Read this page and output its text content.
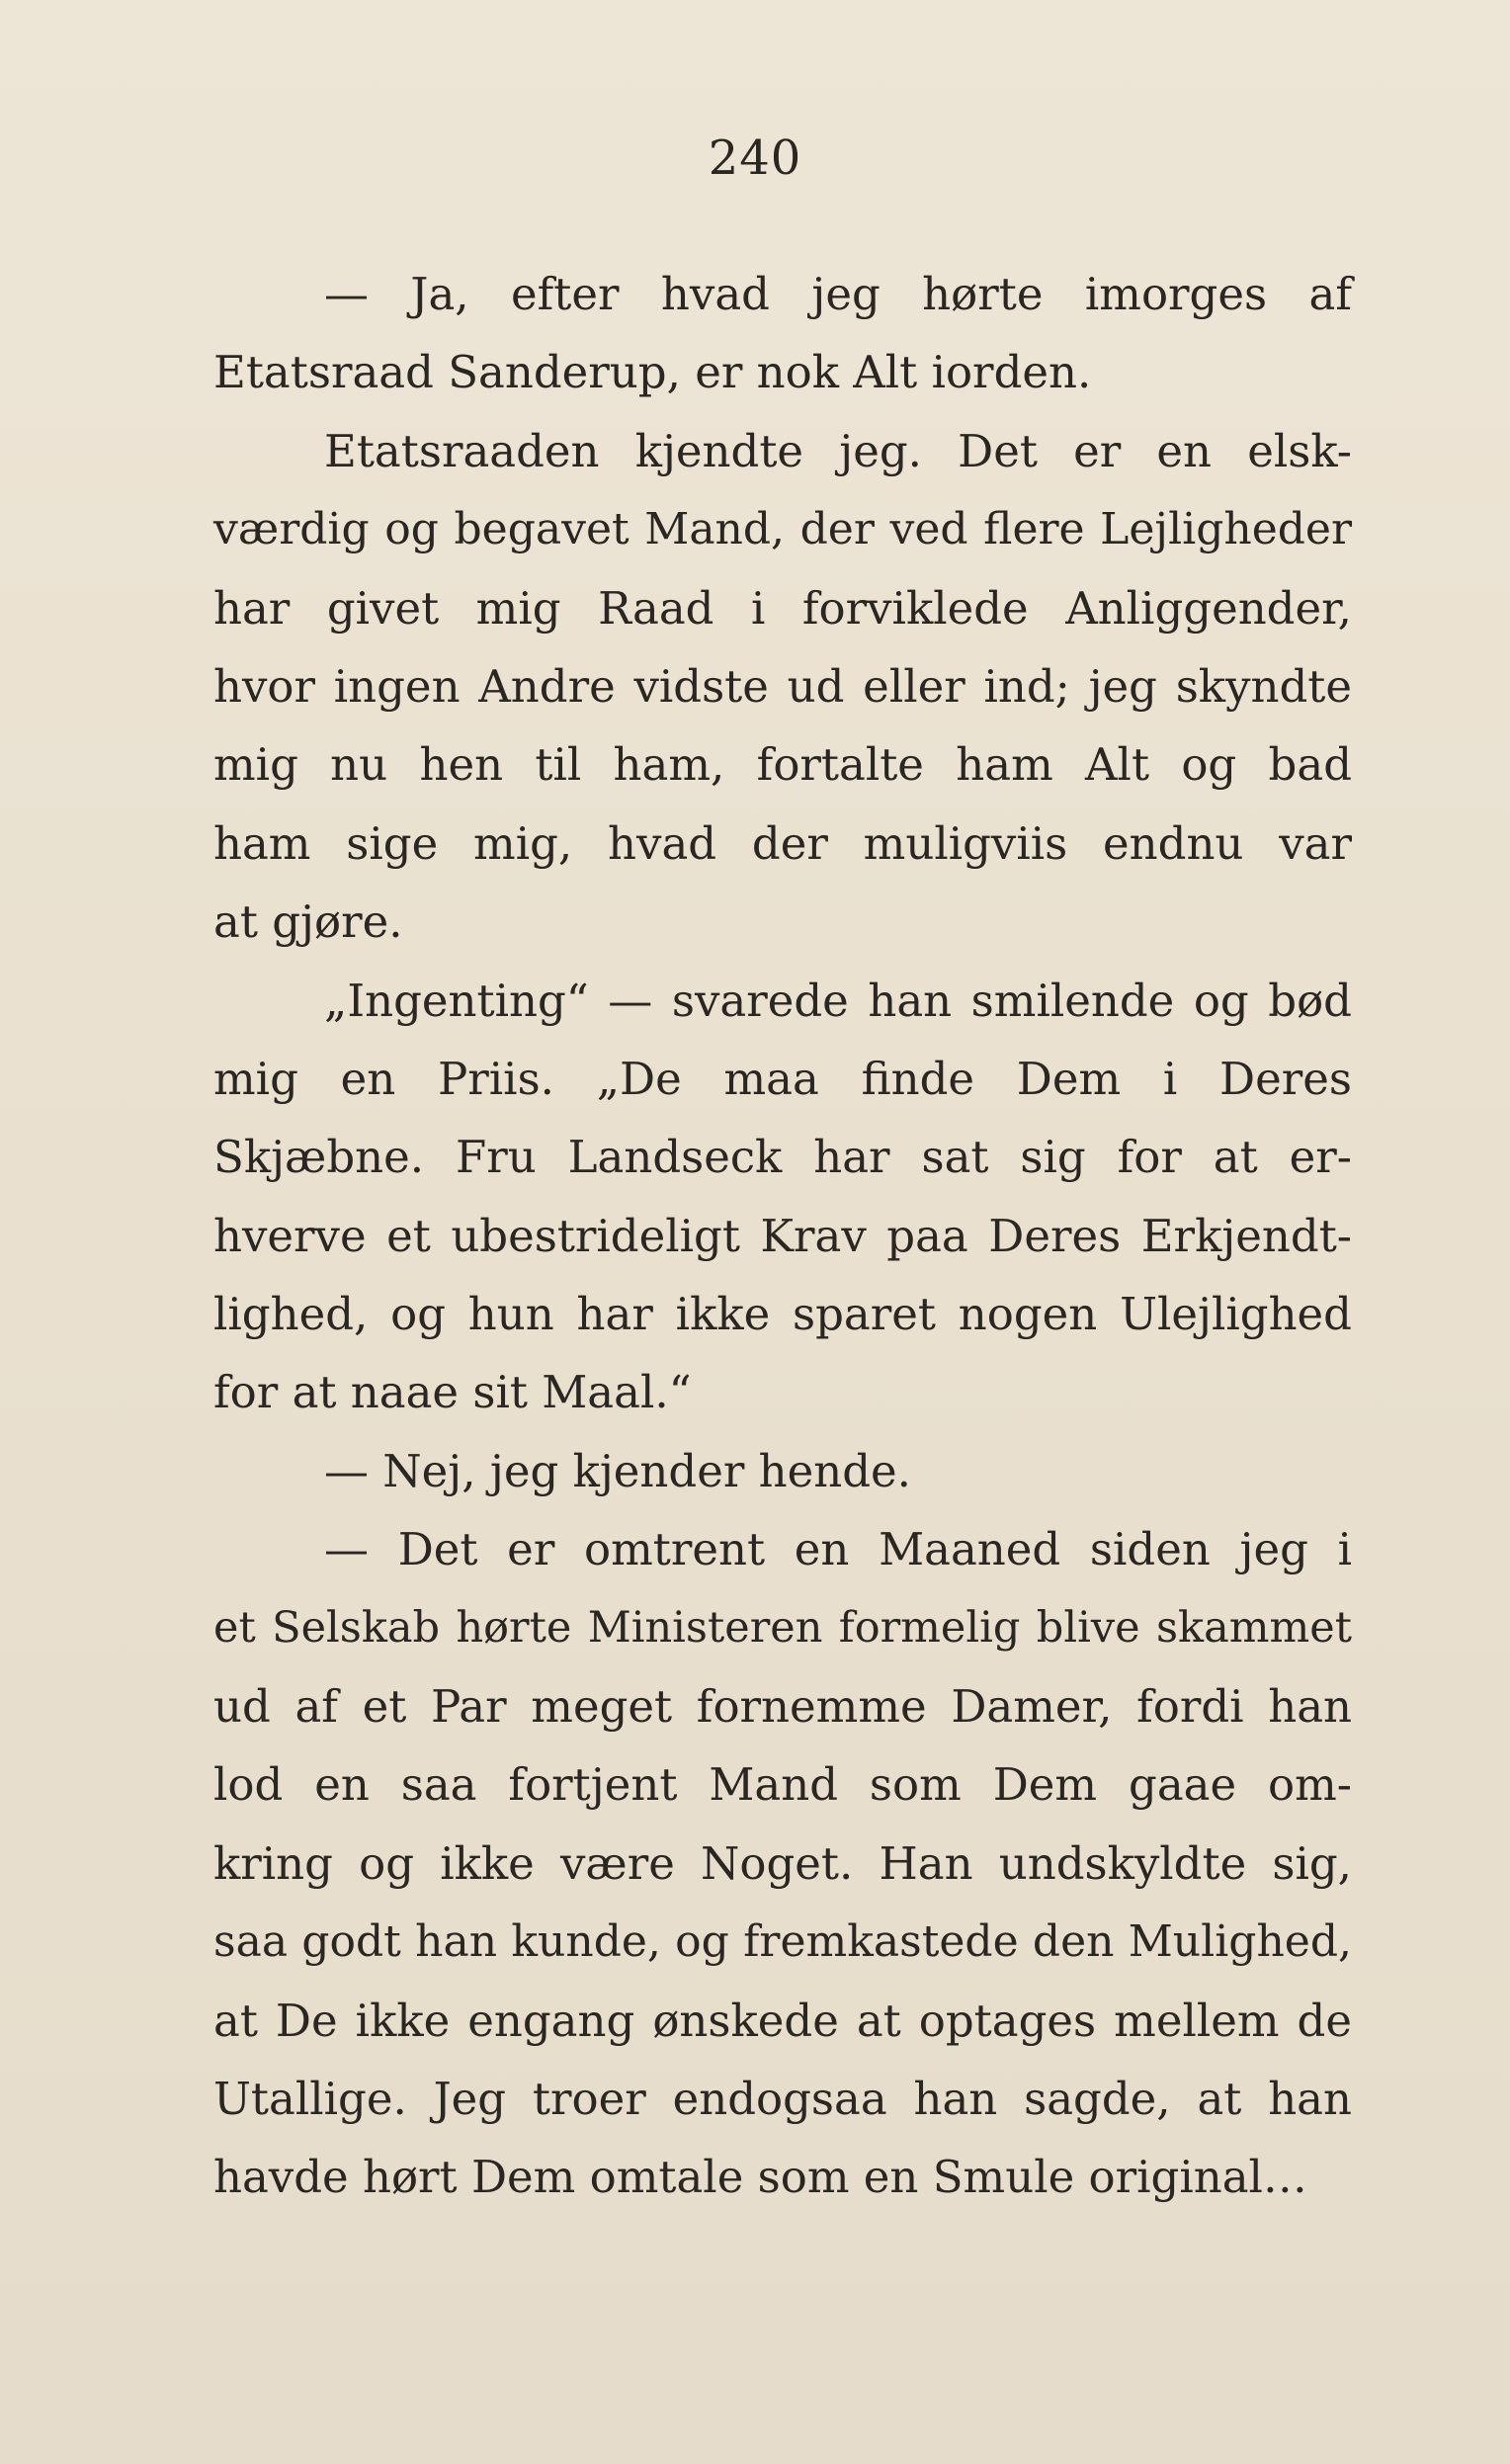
240
— Ja, efter hvad jeg hørte imorges af
Etatsraad Sanderup, er nok Alt iorden.
Etatsraaden kjendte jeg. Det er en elsk-
værdig og begavet Mand, der ved flere Lejligheder
har givet mig Raad i forviklede Anliggender,
hvor ingen Andre vidste ud eller ind; jeg skyndte
mig nu hen til ham, fortalte ham Alt og bad
ham sige mig, hvad der muligviis endnu var
at gjøre.
„Ingenting“ — svarede han smilende og bød
mig en Priis. „De maa finde Dem i Deres
Skjæbne. Fru Landseck har sat sig for at er-
hverve et ubestrideligt Krav paa Deres Erkjendt-
lighed, og hun har ikke sparet nogen Ulejlighed
for at naae sit Maal.“
— Nej, jeg kjender hende.
— Det er omtrent en Maaned siden jeg i
et Selskab hørte Ministeren formelig blive skammet
ud af et Par meget fornemme Damer, fordi han
lod en saa fortjent Mand som Dem gaae om-
kring og ikke være Noget. Han undskyldte sig,
saa godt han kunde, og fremkastede den Mulighed,
at De ikke engang ønskede at optages mellem de
Utallige. Jeg troer endogsaa han sagde, at han
havde hørt Dem omtale som en Smule original…
